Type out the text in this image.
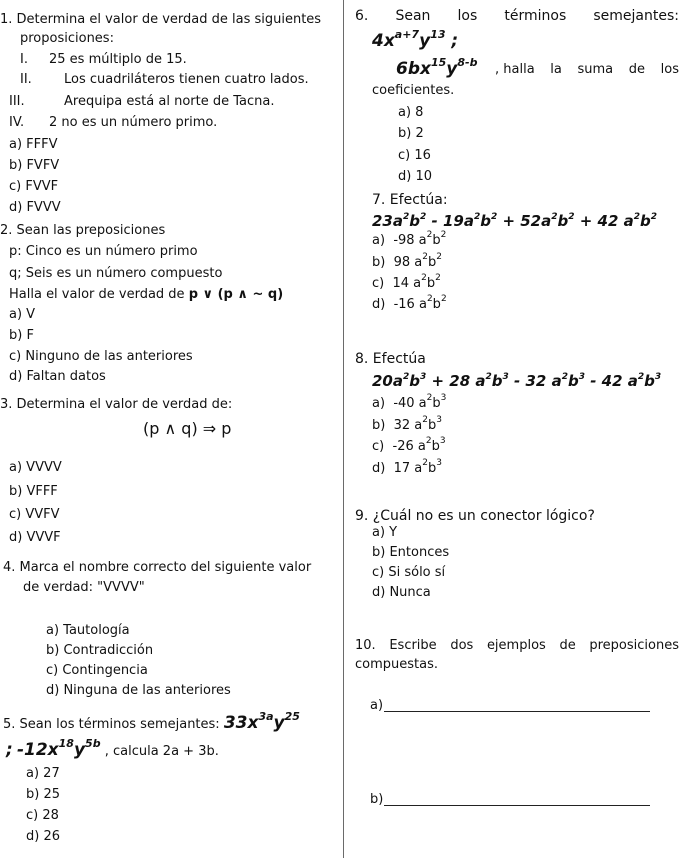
1. Determina el valor de verdad de las siguientes
proposiciones:
I. 25 es múltiplo de 15.
II. Los cuadriláteros tienen cuatro lados.
III.	Arequipa está al norte de Tacna.
IV. 2 no es un número primo.
a) FFFV
b) FVFV
c) FVVF
d) FVVV
2. Sean las preposiciones
p: Cinco es un número primo
q; Seis es un número compuesto
Halla el valor de verdad de p ∨ (p ∧ ~ q)
a) V
b) F
c) Ninguno de las anteriores
d) Faltan datos
3. Determina el valor de verdad de:
(p ∧ q) ⇒ p
a) VVVV
b) VFFF
c) VVFV
d) VVVF
4. Marca el nombre correcto del siguiente valor
de verdad: "VVVV"
a) Tautología
b) Contradicción
c) Contingencia
d) Ninguna de las anteriores
5. Sean los términos semejantes: $33x^{3a}y^{25}$
; $-12x^{18}y^{5b}$ , calcula 2a + 3b.
a) 27
b) 25
c) 28
d) 26
6. Sean los términos semejantes:
$4x^{a+7}y^{13}$ ;
$6bx^{15}y^{8-b}$ , halla la suma de los
coeficientes.
a) 8
b) 2
c) 16
d) 10
7. Efectúa:
$23a^2b^2 - 19a^2b^2 + 52a^2b^2 + 42$ $a^2b^2$
a) -98 $a^2b^2$
b) 98 $a^2b^2$
c) 14 $a^2b^2$
d) -16 $a^2b^2$
8. Efectúa
$20a^2b^3 + 28$ $a^2b^3 - 32$ $a^2b^3 - 42$ $a^2b^3$
a) -40 $a^2b^3$
b) 32 $a^2b^3$
c) -26 $a^2b^3$
d) 17 $a^2b^3$
9. ¿Cuál no es un conector lógico?
a) Y
b) Entonces
c) Si sólo sí
d) Nunca
10. Escribe dos ejemplos de preposiciones
compuestas.
a)
b)
